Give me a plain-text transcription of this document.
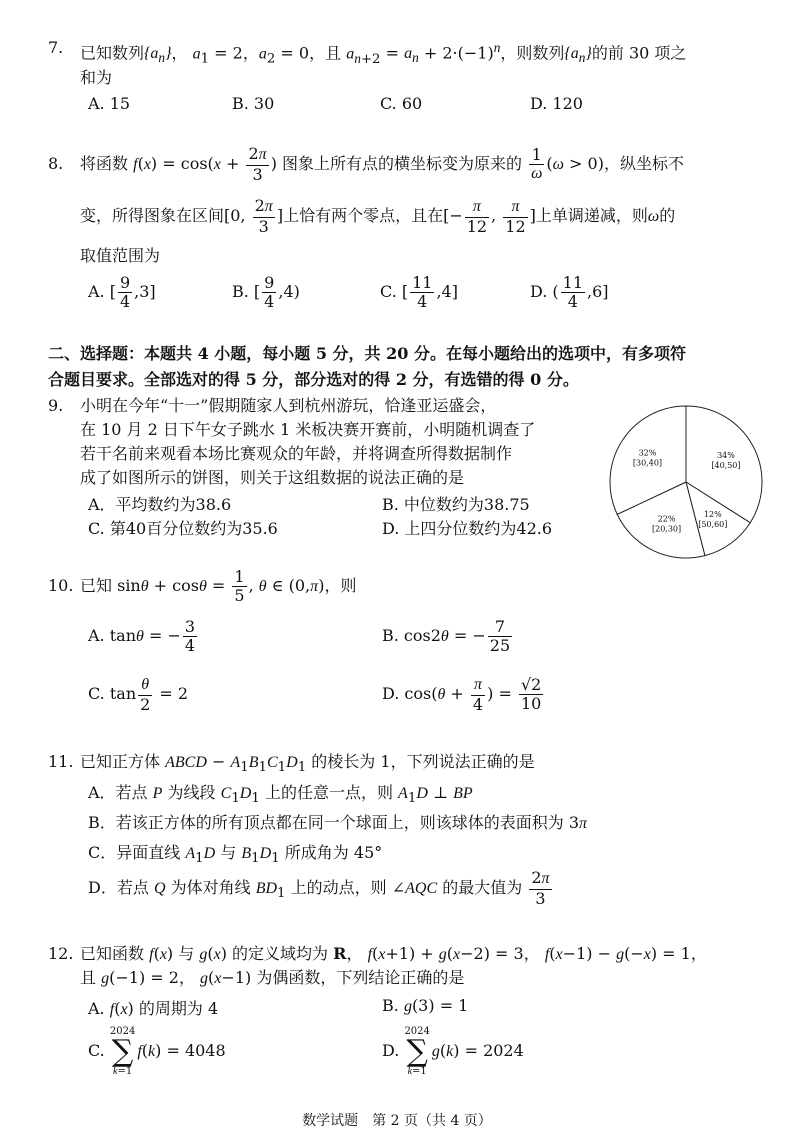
7. 已知数列$\{a_n\}$， $a_1 = 2$，$a_2 = 0$，且 $a_{n+2} = a_n + 2\cdot(-1)^n$，则数列$\{a_n\}$的前 30 项之
和为
A. 15	B. 30	C. 60	D. 120
8. 将函数 $f(x) = \cos(x + \frac{2\pi}{3}$ ) 图象上所有点的横坐标变为原来的 $\frac{1}{\omega} (\omega > 0)$，纵坐标不
变，所得图象在区间[0, $\frac{2\pi}{3}$ ]上恰有两个零点，且在[− $\frac{\pi}{12}$ , $\frac{\pi}{12}$ ]上单调递减，则ω的
取值范围为
A. [ $\frac{9}{4} ,3$]	B. [ $\frac{9}{4} ,4$)	C. [ $\frac{11}{4} ,4$]	D. ( $\frac{11}{4} ,6$]
二、选择题：本题共 4 小题，每小题 5 分，共 20 分。在每小题给出的选项中，有多项符
合题目要求。全部选对的得 5 分，部分选对的得 2 分，有选错的得 0 分。
9. 小明在今年“十一”假期随家人到杭州游玩，恰逢亚运盛会，
在 10 月 2 日下午女子跳水 1 米板决赛开赛前，小明随机调查了
若干名前来观看本场比赛观众的年龄，并将调查所得数据制作
成了如图所示的饼图，则关于这组数据的说法正确的是
A．平均数约为38.6	B. 中位数约为38.75
C. 第40百分位数约为35.6	D. 上四分位数约为42.6
34%
[40,50]
12%
[50,60]
22%
[20,30]
32%
[30,40]
10. 已知 $\sin\theta + \cos\theta = \frac{1}{5}$ , θ ∈ (0,π)，则
A. tanθ = − $\frac{3}{4}$	B. cos2θ = − $\frac{7}{25}$
C. $\tan \frac{\theta}{2} = 2$	D. $\cos(\theta + \frac{\pi}{4}$ ) = $\frac{√2}{10}$
11. 已知正方体 ABCD − $A_1B_1C_1D_1$ 的棱长为 1，下列说法正确的是
A．若点 P 为线段 $C_1D_1$ 上的任意一点，则 $A_1D$ ⊥ BP
B．若该正方体的所有顶点都在同一个球面上，则该球体的表面积为 3π
C．异面直线 $A_1D$ 与 $B_1D_1$ 所成角为 45°
D．若点 Q 为体对角线 $BD_1$ 上的动点，则 ∠AQC 的最大值为 $\frac{2\pi}{3}$
12. 已知函数 f(x) 与 g(x) 的定义域均为 R， f(x+1) + g(x−2) = 3， f(x−1) − g(−x) = 1，
且 g(−1) = 2， g(x−1) 为偶函数，下列结论正确的是
A. f(x) 的周期为 4	B. g(3) = 1
C. 2024
∑
k=1f(k) = 4048	D. 2024
∑
k=1g(k) = 2024
数学试题　第 2 页（共 4 页）
